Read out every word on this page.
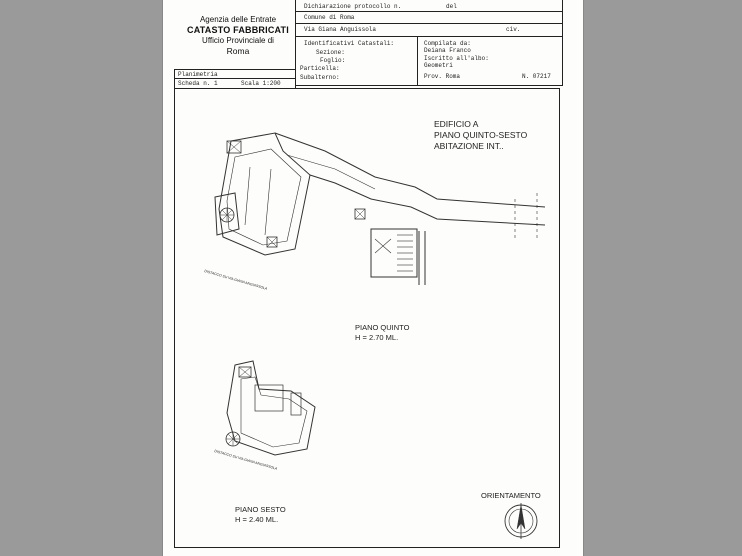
Agenzia delle Entrate
CATASTO FABBRICATI
Ufficio Provinciale di
Roma
Dichiarazione protocollo n.	del
Comune di Roma
Via Giana Anguissola	civ.
Identificativi Catastali:
Sezione:
Foglio:
Particella:
Subalterno:
Compilata da:
Deiana Franco
Iscritto all'albo:
Geometri
Prov. Roma	N. 07217
Planimetria
Scheda n. 1	Scala 1:200
EDIFICIO A
PIANO QUINTO-SESTO
ABITAZIONE INT..
PIANO QUINTO
H = 2.70 ML.
PIANO SESTO
H = 2.40 ML.
ORIENTAMENTO
DISTACCO SU VIA GIANA ANGUISSOLA
DISTACCO SU VIA GIANA ANGUISSOLA
